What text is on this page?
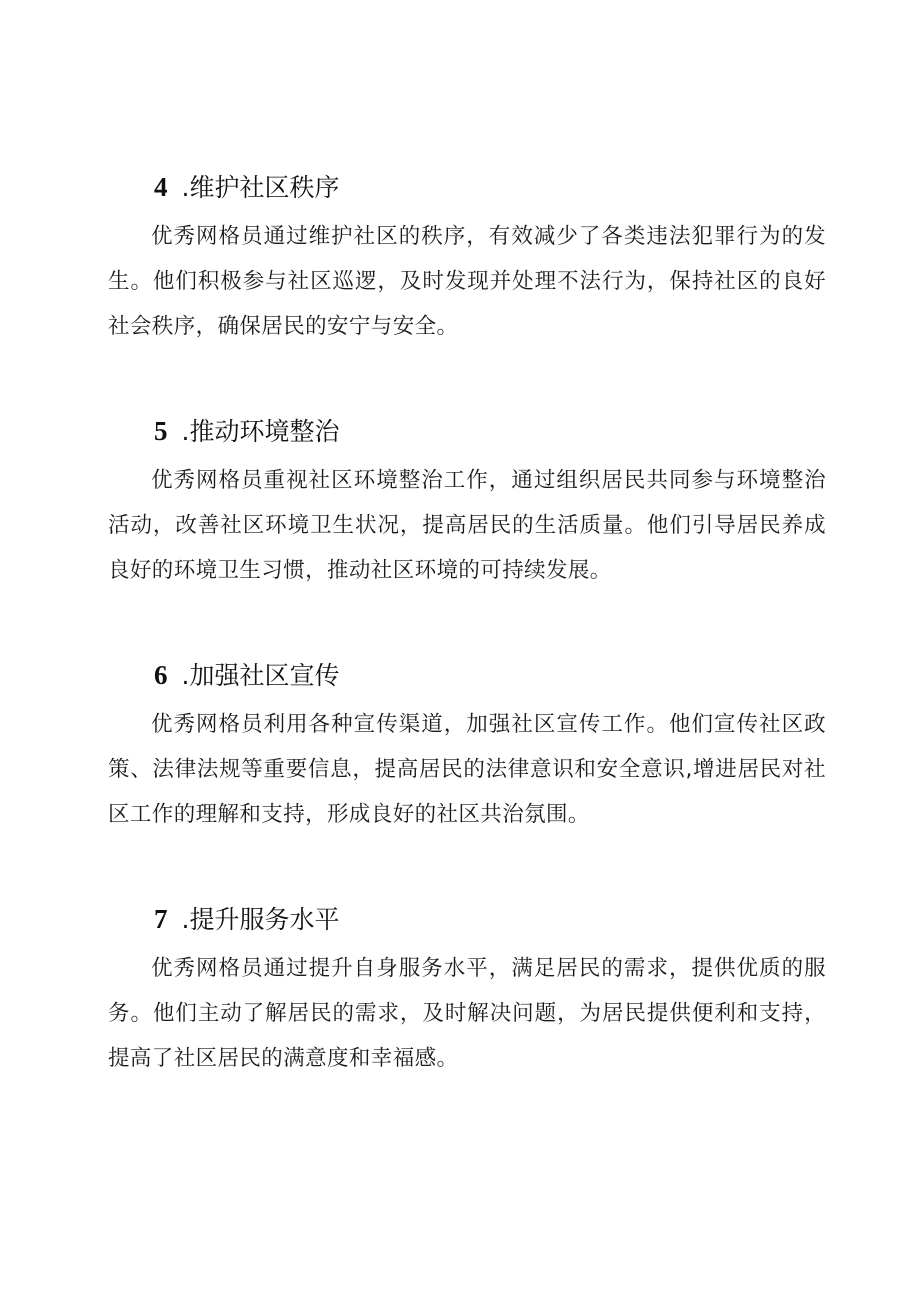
4 .维护社区秩序
优秀网格员通过维护社区的秩序，有效减少了各类违法犯罪行为的发生。他们积极参与社区巡逻，及时发现并处理不法行为，保持社区的良好社会秩序，确保居民的安宁与安全。
5 .推动环境整治
优秀网格员重视社区环境整治工作，通过组织居民共同参与环境整治活动，改善社区环境卫生状况，提高居民的生活质量。他们引导居民养成良好的环境卫生习惯，推动社区环境的可持续发展。
6 .加强社区宣传
优秀网格员利用各种宣传渠道，加强社区宣传工作。他们宣传社区政策、法律法规等重要信息，提高居民的法律意识和安全意识,增进居民对社区工作的理解和支持，形成良好的社区共治氛围。
7 .提升服务水平
优秀网格员通过提升自身服务水平，满足居民的需求，提供优质的服务。他们主动了解居民的需求，及时解决问题，为居民提供便利和支持，提高了社区居民的满意度和幸福感。
